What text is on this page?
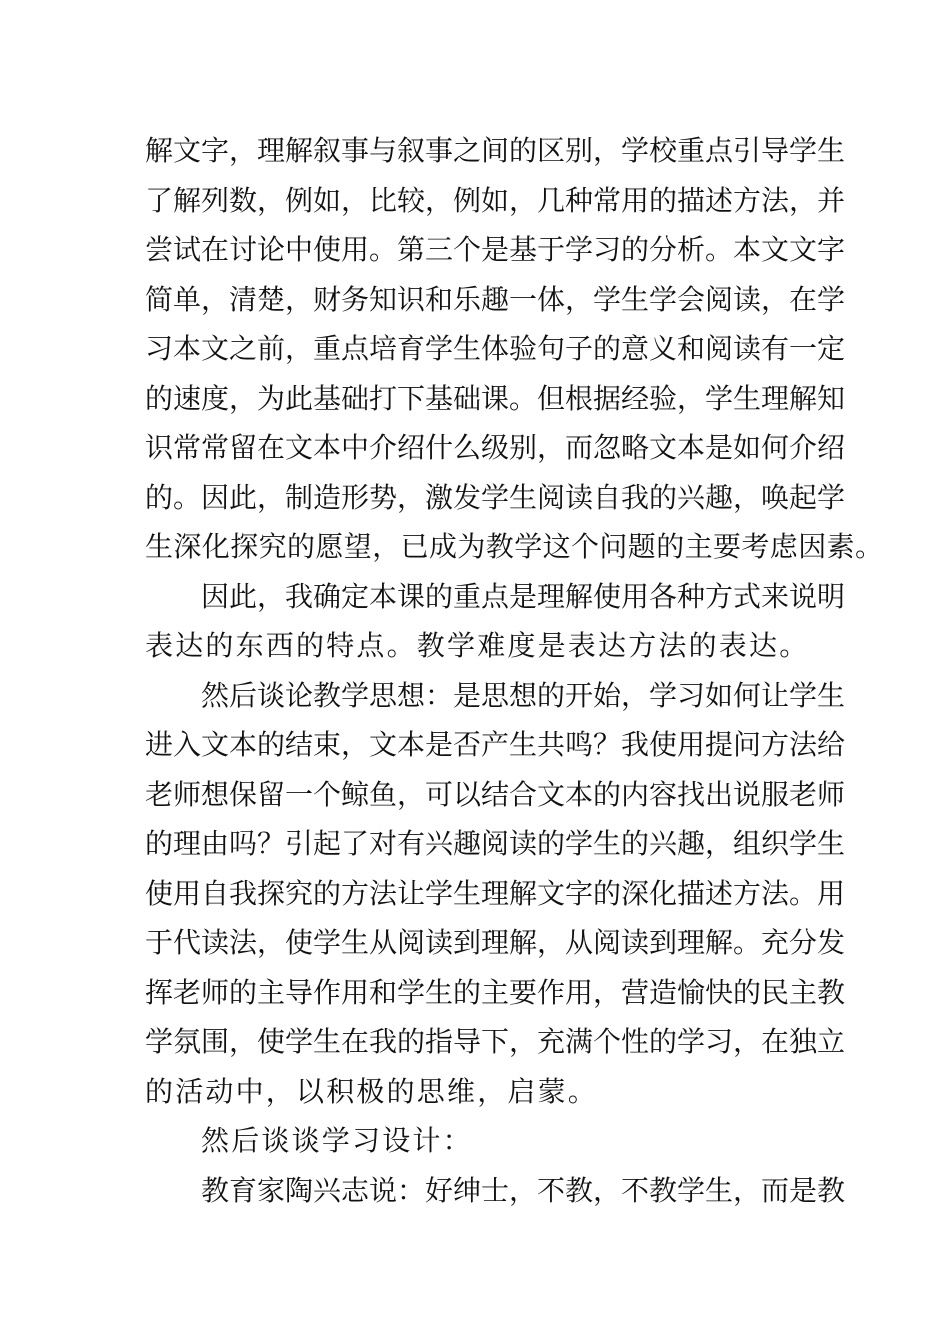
解文字，理解叙事与叙事之间的区别，学校重点引导学生
了解列数，例如，比较，例如，几种常用的描述方法，并
尝试在讨论中使用。第三个是基于学习的分析。本文文字
简单，清楚，财务知识和乐趣一体，学生学会阅读，在学
习本文之前，重点培育学生体验句子的意义和阅读有一定
的速度，为此基础打下基础课。但根据经验，学生理解知
识常常留在文本中介绍什么级别，而忽略文本是如何介绍
的。因此，制造形势，激发学生阅读自我的兴趣，唤起学
生深化探究的愿望，已成为教学这个问题的主要考虑因素。
因此，我确定本课的重点是理解使用各种方式来说明
表达的东西的特点。教学难度是表达方法的表达。
然后谈论教学思想：是思想的开始，学习如何让学生
进入文本的结束，文本是否产生共鸣？我使用提问方法给
老师想保留一个鲸鱼，可以结合文本的内容找出说服老师
的理由吗？引起了对有兴趣阅读的学生的兴趣，组织学生
使用自我探究的方法让学生理解文字的深化描述方法。用
于代读法，使学生从阅读到理解，从阅读到理解。充分发
挥老师的主导作用和学生的主要作用，营造愉快的民主教
学氛围，使学生在我的指导下，充满个性的学习，在独立
的活动中，以积极的思维，启蒙。
然后谈谈学习设计：
教育家陶兴志说：好绅士，不教，不教学生，而是教
